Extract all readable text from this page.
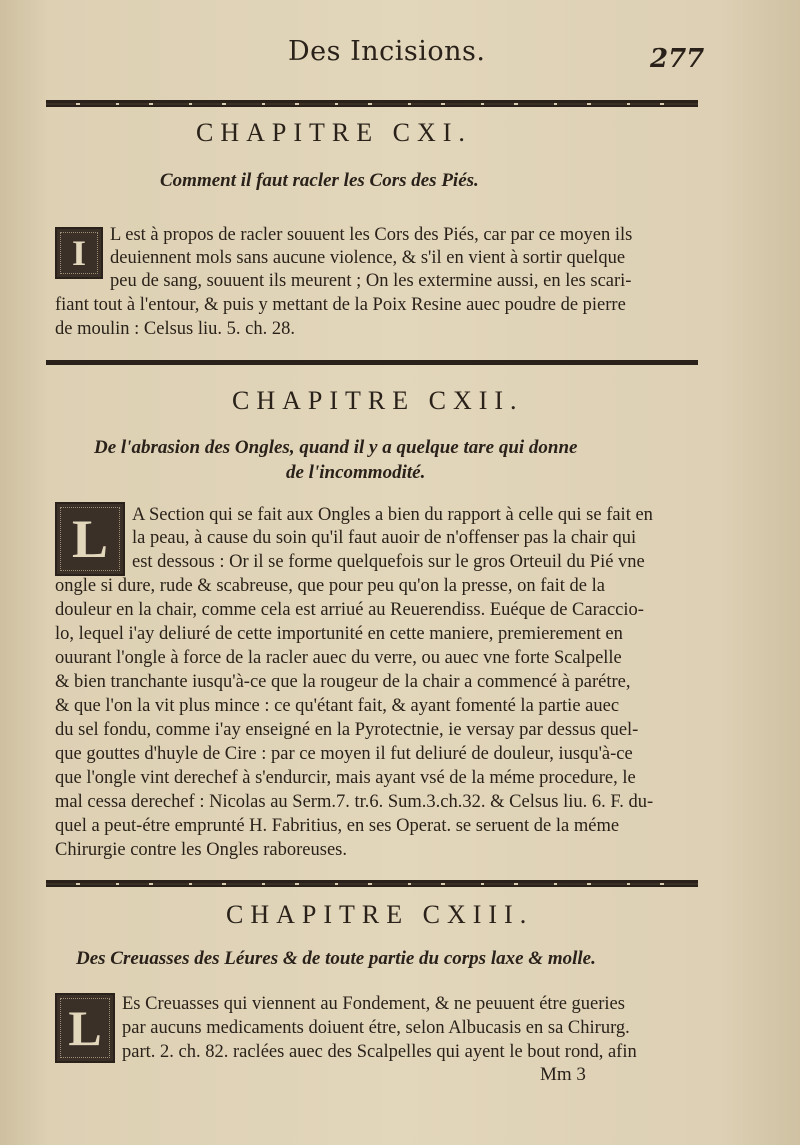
Des Incisions.	277
CHAPITRE CXI.
Comment il faut racler les Cors des Piés.
I	L est à propos de racler souuent les Cors des Piés, car par ce moyen ils
deuiennent mols sans aucune violence, & s'il en vient à sortir quelque
peu de sang, souuent ils meurent ; On les extermine aussi, en les scari-
fiant tout à l'entour, & puis y mettant de la Poix Resine auec poudre de pierre
de moulin : Celsus liu. 5. ch. 28.
CHAPITRE CXII.
De l'abrasion des Ongles, quand il y a quelque tare qui donne
de l'incommodité.
L	A Section qui se fait aux Ongles a bien du rapport à celle qui se fait en
la peau, à cause du soin qu'il faut auoir de n'offenser pas la chair qui
est dessous : Or il se forme quelquefois sur le gros Orteuil du Pié vne
ongle si dure, rude & scabreuse, que pour peu qu'on la presse, on fait de la
douleur en la chair, comme cela est arriué au Reuerendiss. Euéque de Caraccio-
lo, lequel i'ay deliuré de cette importunité en cette maniere, premierement en
ouurant l'ongle à force de la racler auec du verre, ou auec vne forte Scalpelle
& bien tranchante iusqu'à-ce que la rougeur de la chair a commencé à parétre,
& que l'on la vit plus mince : ce qu'étant fait, & ayant fomenté la partie auec
du sel fondu, comme i'ay enseigné en la Pyrotectnie, ie versay par dessus quel-
que gouttes d'huyle de Cire : par ce moyen il fut deliuré de douleur, iusqu'à-ce
que l'ongle vint derechef à s'endurcir, mais ayant vsé de la méme procedure, le
mal cessa derechef : Nicolas au Serm.7. tr.6. Sum.3.ch.32. & Celsus liu. 6. F. du-
quel a peut-étre emprunté H. Fabritius, en ses Operat. se seruent de la méme
Chirurgie contre les Ongles raboreuses.
CHAPITRE CXIII.
Des Creuasses des Léures & de toute partie du corps laxe & molle.
L	Es Creuasses qui viennent au Fondement, & ne peuuent étre gueries
par aucuns medicaments doiuent étre, selon Albucasis en sa Chirurg.
part. 2. ch. 82. raclées auec des Scalpelles qui ayent le bout rond, afin
Mm 3
